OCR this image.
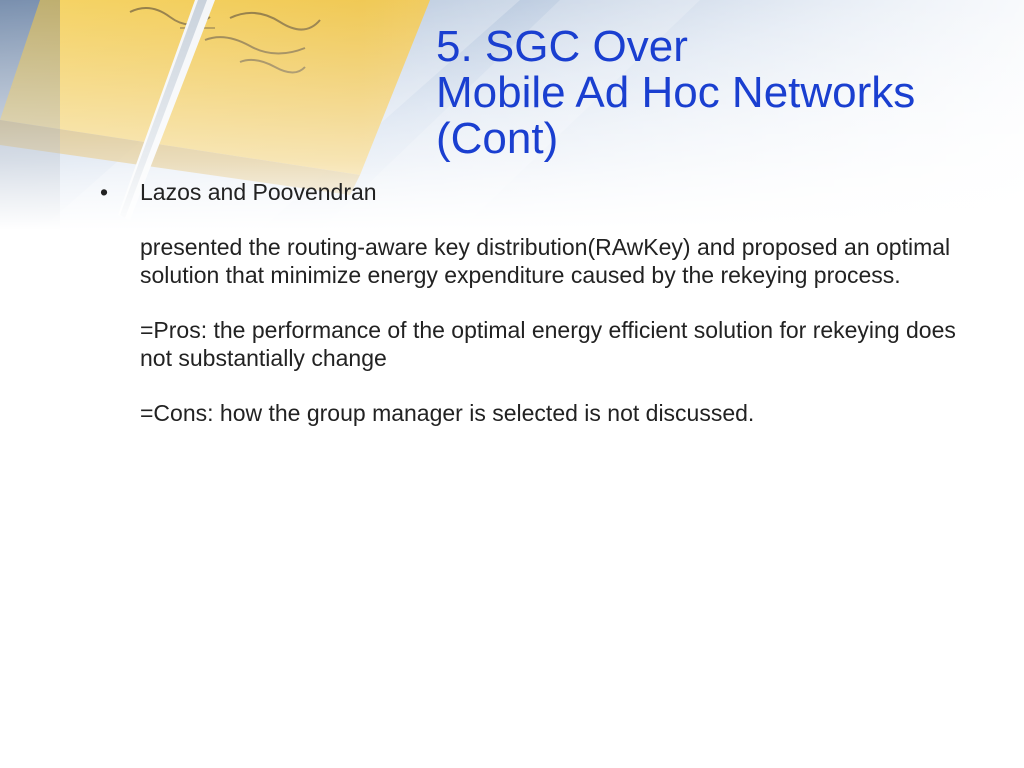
5. SGC Over
Mobile Ad Hoc Networks
(Cont)
•	Lazos and Poovendran

presented the routing-aware key distribution(RAwKey) and proposed an optimal solution that minimize energy expenditure caused by the rekeying process.

=Pros: the performance of the optimal energy efficient solution for rekeying does not substantially change

=Cons: how the group manager is selected is not discussed.
